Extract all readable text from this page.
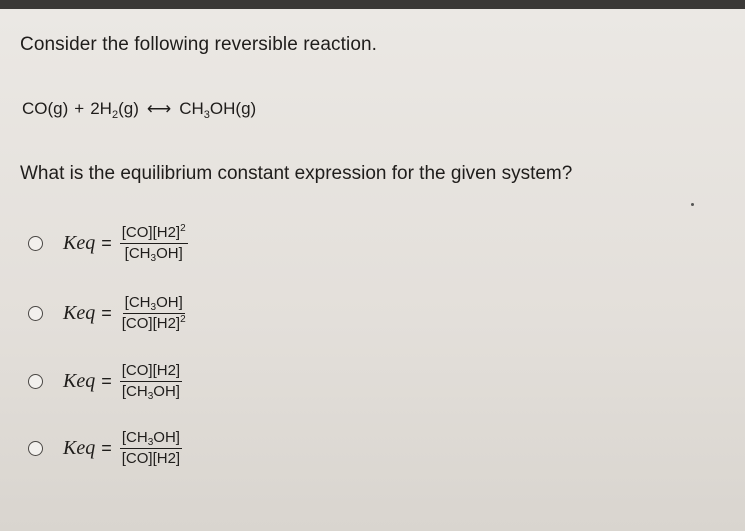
Consider the following reversible reaction.
$CO(g) + 2H_2(g)$ ⟷ $CH_3OH(g)$
What is the equilibrium constant expression for the given system?
Keq = $\frac{[CO][H2]^2}{[CH_3OH]}$
Keq = $\frac{[CH_3OH]}{[CO][H2]^2}$
Keq = $\frac{[CO][H2]}{[CH_3OH]}$
Keq = $\frac{[CH_3OH]}{[CO][H2]}$
